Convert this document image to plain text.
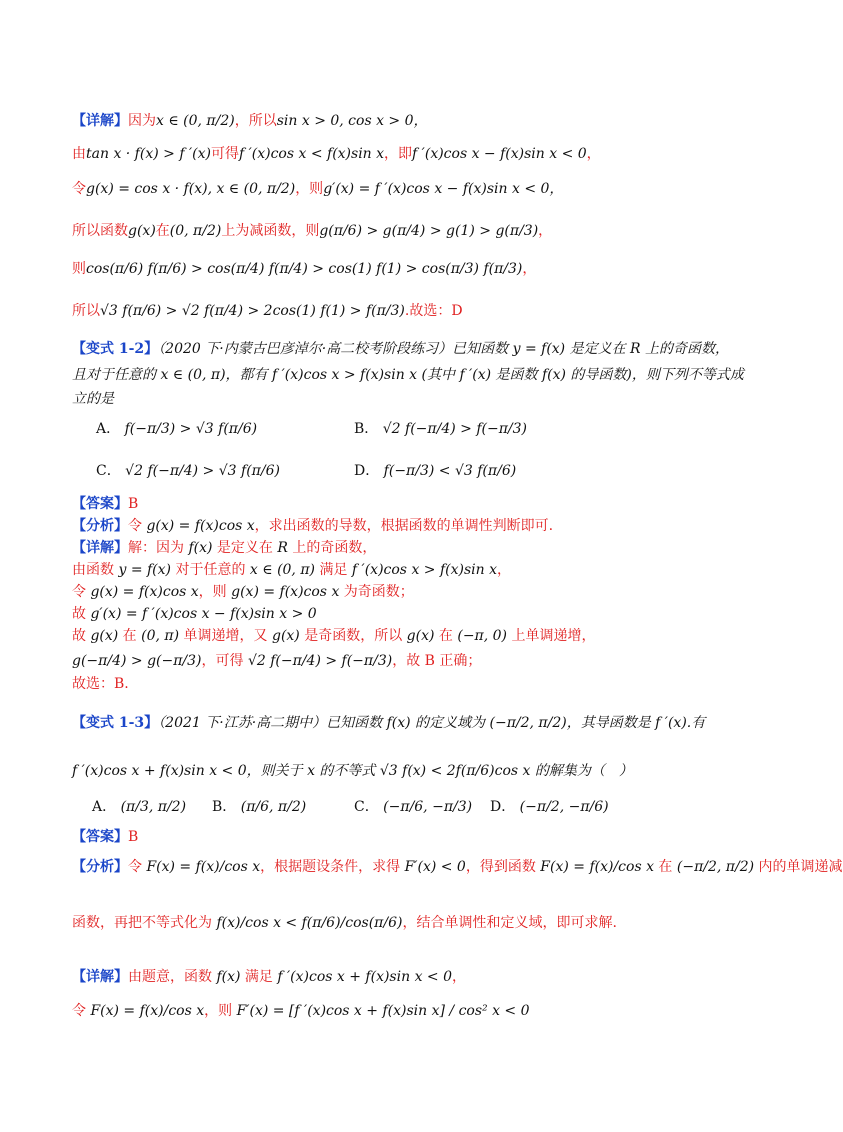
【详解】因为x ∈ (0, π/2)，所以sin x > 0, cos x > 0，
由tan x · f(x) > f ′(x)可得f ′(x)cos x < f(x)sin x，即f ′(x)cos x − f(x)sin x < 0，
令g(x) = cos x · f(x), x ∈ (0, π/2)，则g′(x) = f ′(x)cos x − f(x)sin x < 0，
所以函数g(x)在(0, π/2)上为减函数，则g(π/6) > g(π/4) > g(1) > g(π/3)，
则cos(π/6) f(π/6) > cos(π/4) f(π/4) > cos(1) f(1) > cos(π/3) f(π/3)，
所以√3 f(π/6) > √2 f(π/4) > 2cos(1) f(1) > f(π/3).故选：D
【变式 1-2】（2020 下·内蒙古巴彦淖尔·高二校考阶段练习）已知函数 y = f(x) 是定义在 R 上的奇函数，
且对于任意的 x ∈ (0, π)，都有 f ′(x)cos x > f(x)sin x (其中 f ′(x) 是函数 f(x) 的导函数)，则下列不等式成
立的是
【答案】B
【分析】令 g(x) = f(x)cos x，求出函数的导数，根据函数的单调性判断即可.
【详解】解：因为 f(x) 是定义在 R 上的奇函数，
由函数 y = f(x) 对于任意的 x ∈ (0, π) 满足 f ′(x)cos x > f(x)sin x，
令 g(x) = f(x)cos x，则 g(x) = f(x)cos x 为奇函数；
故 g′(x) = f ′(x)cos x − f(x)sin x > 0
故 g(x) 在 (0, π) 单调递增，又 g(x) 是奇函数，所以 g(x) 在 (−π, 0) 上单调递增，
g(−π/4) > g(−π/3)，可得 √2 f(−π/4) > f(−π/3)，故 B 正确；
故选：B.
【变式 1-3】（2021 下·江苏·高二期中）已知函数 f(x) 的定义域为 (−π/2, π/2)，其导函数是 f ′(x).有
f ′(x)cos x + f(x)sin x < 0，则关于 x 的不等式 √3 f(x) < 2f(π/6)cos x 的解集为（　）
【答案】B
【分析】令 F(x) = f(x)/cos x，根据题设条件，求得 F′(x) < 0，得到函数 F(x) = f(x)/cos x 在 (−π/2, π/2) 内的单调递减
函数，再把不等式化为 f(x)/cos x < f(π/6)/cos(π/6)，结合单调性和定义域，即可求解.
【详解】由题意，函数 f(x) 满足 f ′(x)cos x + f(x)sin x < 0，
令 F(x) = f(x)/cos x，则 F′(x) = [f ′(x)cos x + f(x)sin x] / cos² x < 0
A． f(−π/3) > √3 f(π/6)	B． √2 f(−π/4) > f(−π/3)
C． √2 f(−π/4) > √3 f(π/6)	D． f(−π/3) < √3 f(π/6)
A． (π/3, π/2) B． (π/6, π/2)	C． (−π/6, −π/3) D． (−π/2, −π/6)
